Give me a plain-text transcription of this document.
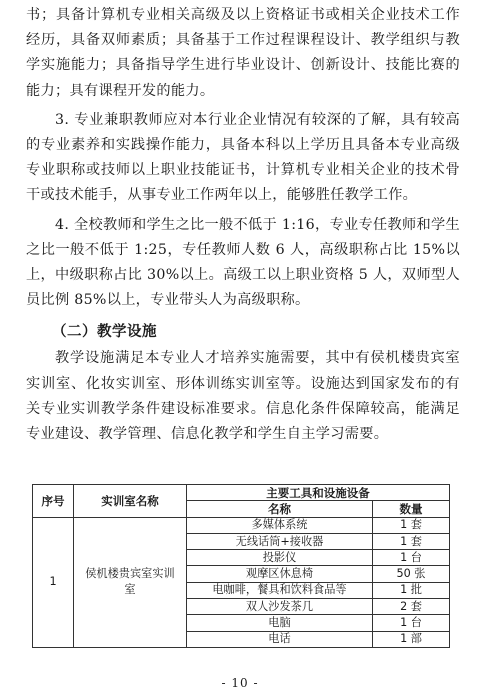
书；具备计算机专业相关高级及以上资格证书或相关企业技术工作经历，具备双师素质；具备基于工作过程课程设计、教学组织与教学实施能力；具备指导学生进行毕业设计、创新设计、技能比赛的能力；具有课程开发的能力。

3. 专业兼职教师应对本行业企业情况有较深的了解，具有较高的专业素养和实践操作能力，具备本科以上学历且具备本专业高级专业职称或技师以上职业技能证书，计算机专业相关企业的技术骨干或技术能手，从事专业工作两年以上，能够胜任教学工作。

4. 全校教师和学生之比一般不低于 1:16，专业专任教师和学生之比一般不低于 1:25，专任教师人数 6 人，高级职称占比 15%以上，中级职称占比 30%以上。高级工以上职业资格 5 人，双师型人员比例 85%以上，专业带头人为高级职称。

（二）教学设施

教学设施满足本专业人才培养实施需要，其中有侯机楼贵宾室实训室、化妆实训室、形体训练实训室等。设施达到国家发布的有关专业实训教学条件建设标准要求。信息化条件保障较高，能满足专业建设、教学管理、信息化教学和学生自主学习需要。

序号	实训室名称	主要工具和设施设备	
		名称	数量
1	侯机楼贵宾室实训室	多媒体系统	1 套
		无线话筒+接收器	1 套
		投影仪	1 台
		观摩区休息椅	50 张
		电咖啡，餐具和饮料食品等	1 批
		双人沙发茶几	2 套
		电脑	1 台
		电话	1 部
- 10 -
